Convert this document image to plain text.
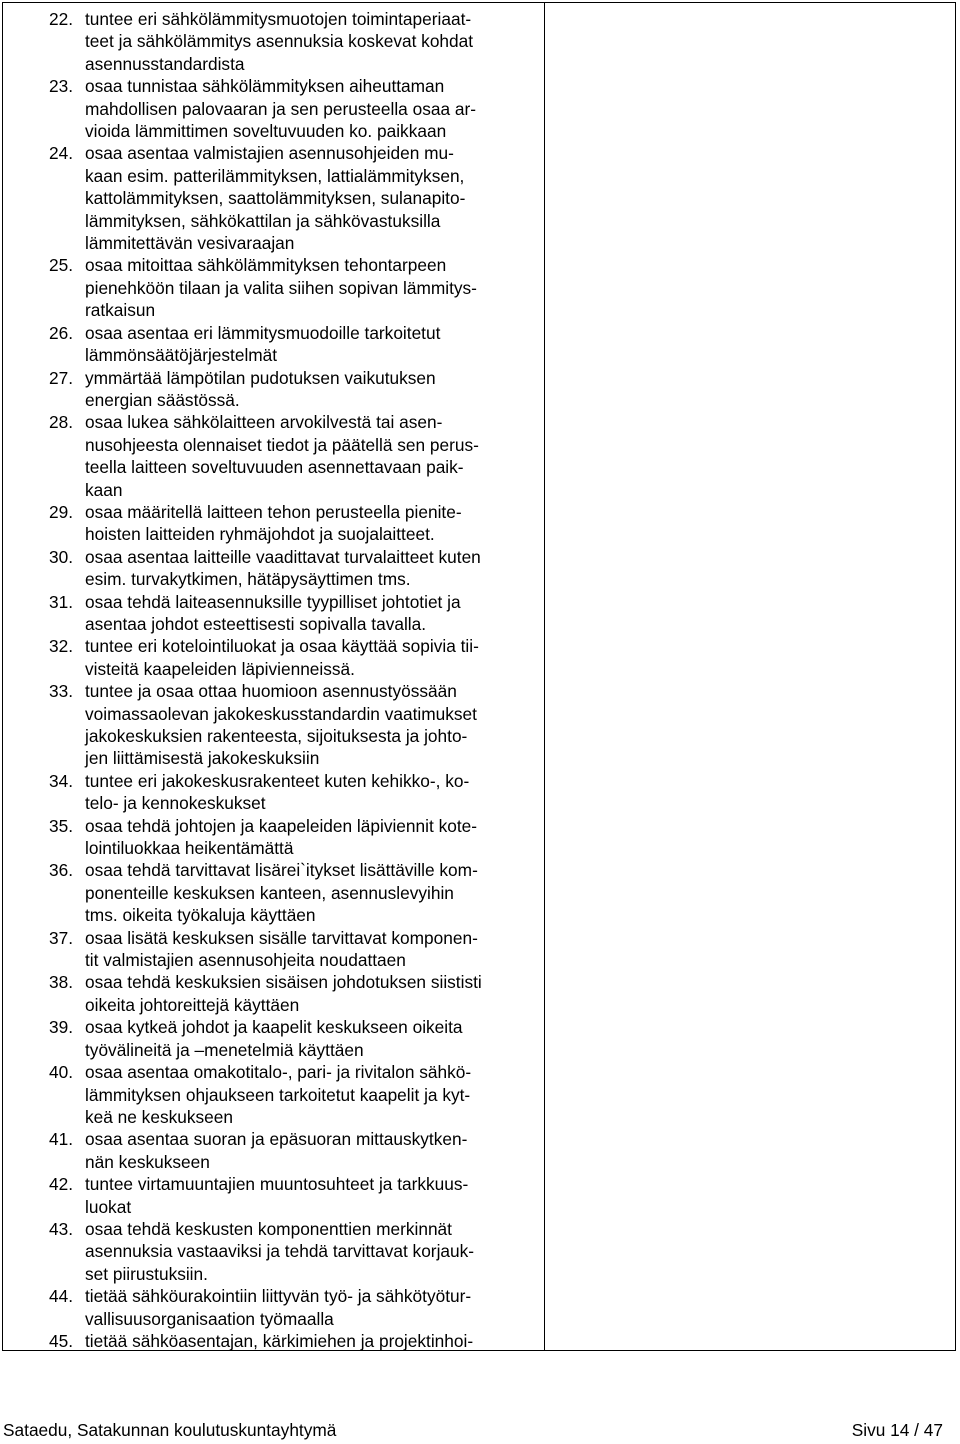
22. tuntee eri sähkölämmitysmuotojen toimintaperiaat-
teet ja sähkölämmitys asennuksia koskevat kohdat
asennusstandardista
23. osaa tunnistaa sähkölämmityksen aiheuttaman
mahdollisen palovaaran ja sen perusteella osaa ar-
vioida lämmittimen soveltuvuuden ko. paikkaan
24. osaa asentaa valmistajien asennusohjeiden mu-
kaan esim. patterilämmityksen, lattialämmityksen,
kattolämmityksen, saattolämmityksen, sulanapito-
lämmityksen, sähkökattilan ja sähkövastuksilla
lämmitettävän vesivaraajan
25. osaa mitoittaa sähkölämmityksen tehontarpeen
pienehköön tilaan ja valita siihen sopivan lämmitys-
ratkaisun
26. osaa asentaa eri lämmitysmuodoille tarkoitetut
lämmönsäätöjärjestelmät
27. ymmärtää lämpötilan pudotuksen vaikutuksen
energian säästössä.
28. osaa lukea sähkölaitteen arvokilvestä tai asen-
nusohjeesta olennaiset tiedot ja päätellä sen perus-
teella laitteen soveltuvuuden asennettavaan paik-
kaan
29. osaa määritellä laitteen tehon perusteella pienite-
hoisten laitteiden ryhmäjohdot ja suojalaitteet.
30. osaa asentaa laitteille vaadittavat turvalaitteet kuten
esim. turvakytkimen, hätäpysäyttimen tms.
31. osaa tehdä laiteasennuksille tyypilliset johtotiet ja
asentaa johdot esteettisesti sopivalla tavalla.
32. tuntee eri kotelointiluokat ja osaa käyttää sopivia tii-
visteitä kaapeleiden läpivienneissä.
33. tuntee ja osaa ottaa huomioon asennustyössään
voimassaolevan jakokeskusstandardin vaatimukset
jakokeskuksien rakenteesta, sijoituksesta ja johto-
jen liittämisestä jakokeskuksiin
34. tuntee eri jakokeskusrakenteet kuten kehikko-, ko-
telo- ja kennokeskukset
35. osaa tehdä johtojen ja kaapeleiden läpiviennit kote-
lointiluokkaa heikentämättä
36. osaa tehdä tarvittavat lisärei`itykset lisättäville kom-
ponenteille keskuksen kanteen, asennuslevyihin
tms. oikeita työkaluja käyttäen
37. osaa lisätä keskuksen sisälle tarvittavat komponen-
tit valmistajien asennusohjeita noudattaen
38. osaa tehdä keskuksien sisäisen johdotuksen siististi
oikeita johtoreittejä käyttäen
39. osaa kytkeä johdot ja kaapelit keskukseen oikeita
työvälineitä ja –menetelmiä käyttäen
40. osaa asentaa omakotitalo-, pari- ja rivitalon sähkö-
lämmityksen ohjaukseen tarkoitetut kaapelit ja kyt-
keä ne keskukseen
41. osaa asentaa suoran ja epäsuoran mittauskytken-
nän keskukseen
42. tuntee virtamuuntajien muuntosuhteet ja tarkkuus-
luokat
43. osaa tehdä keskusten komponenttien merkinnät
asennuksia vastaaviksi ja tehdä tarvittavat korjauk-
set piirustuksiin.
44. tietää sähköurakointiin liittyvän työ- ja sähkötyötur-
vallisuusorganisaation työmaalla
45. tietää sähköasentajan, kärkimiehen ja projektinhoi-
Sataedu, Satakunnan koulutuskuntayhtymä	Sivu 14 / 47
